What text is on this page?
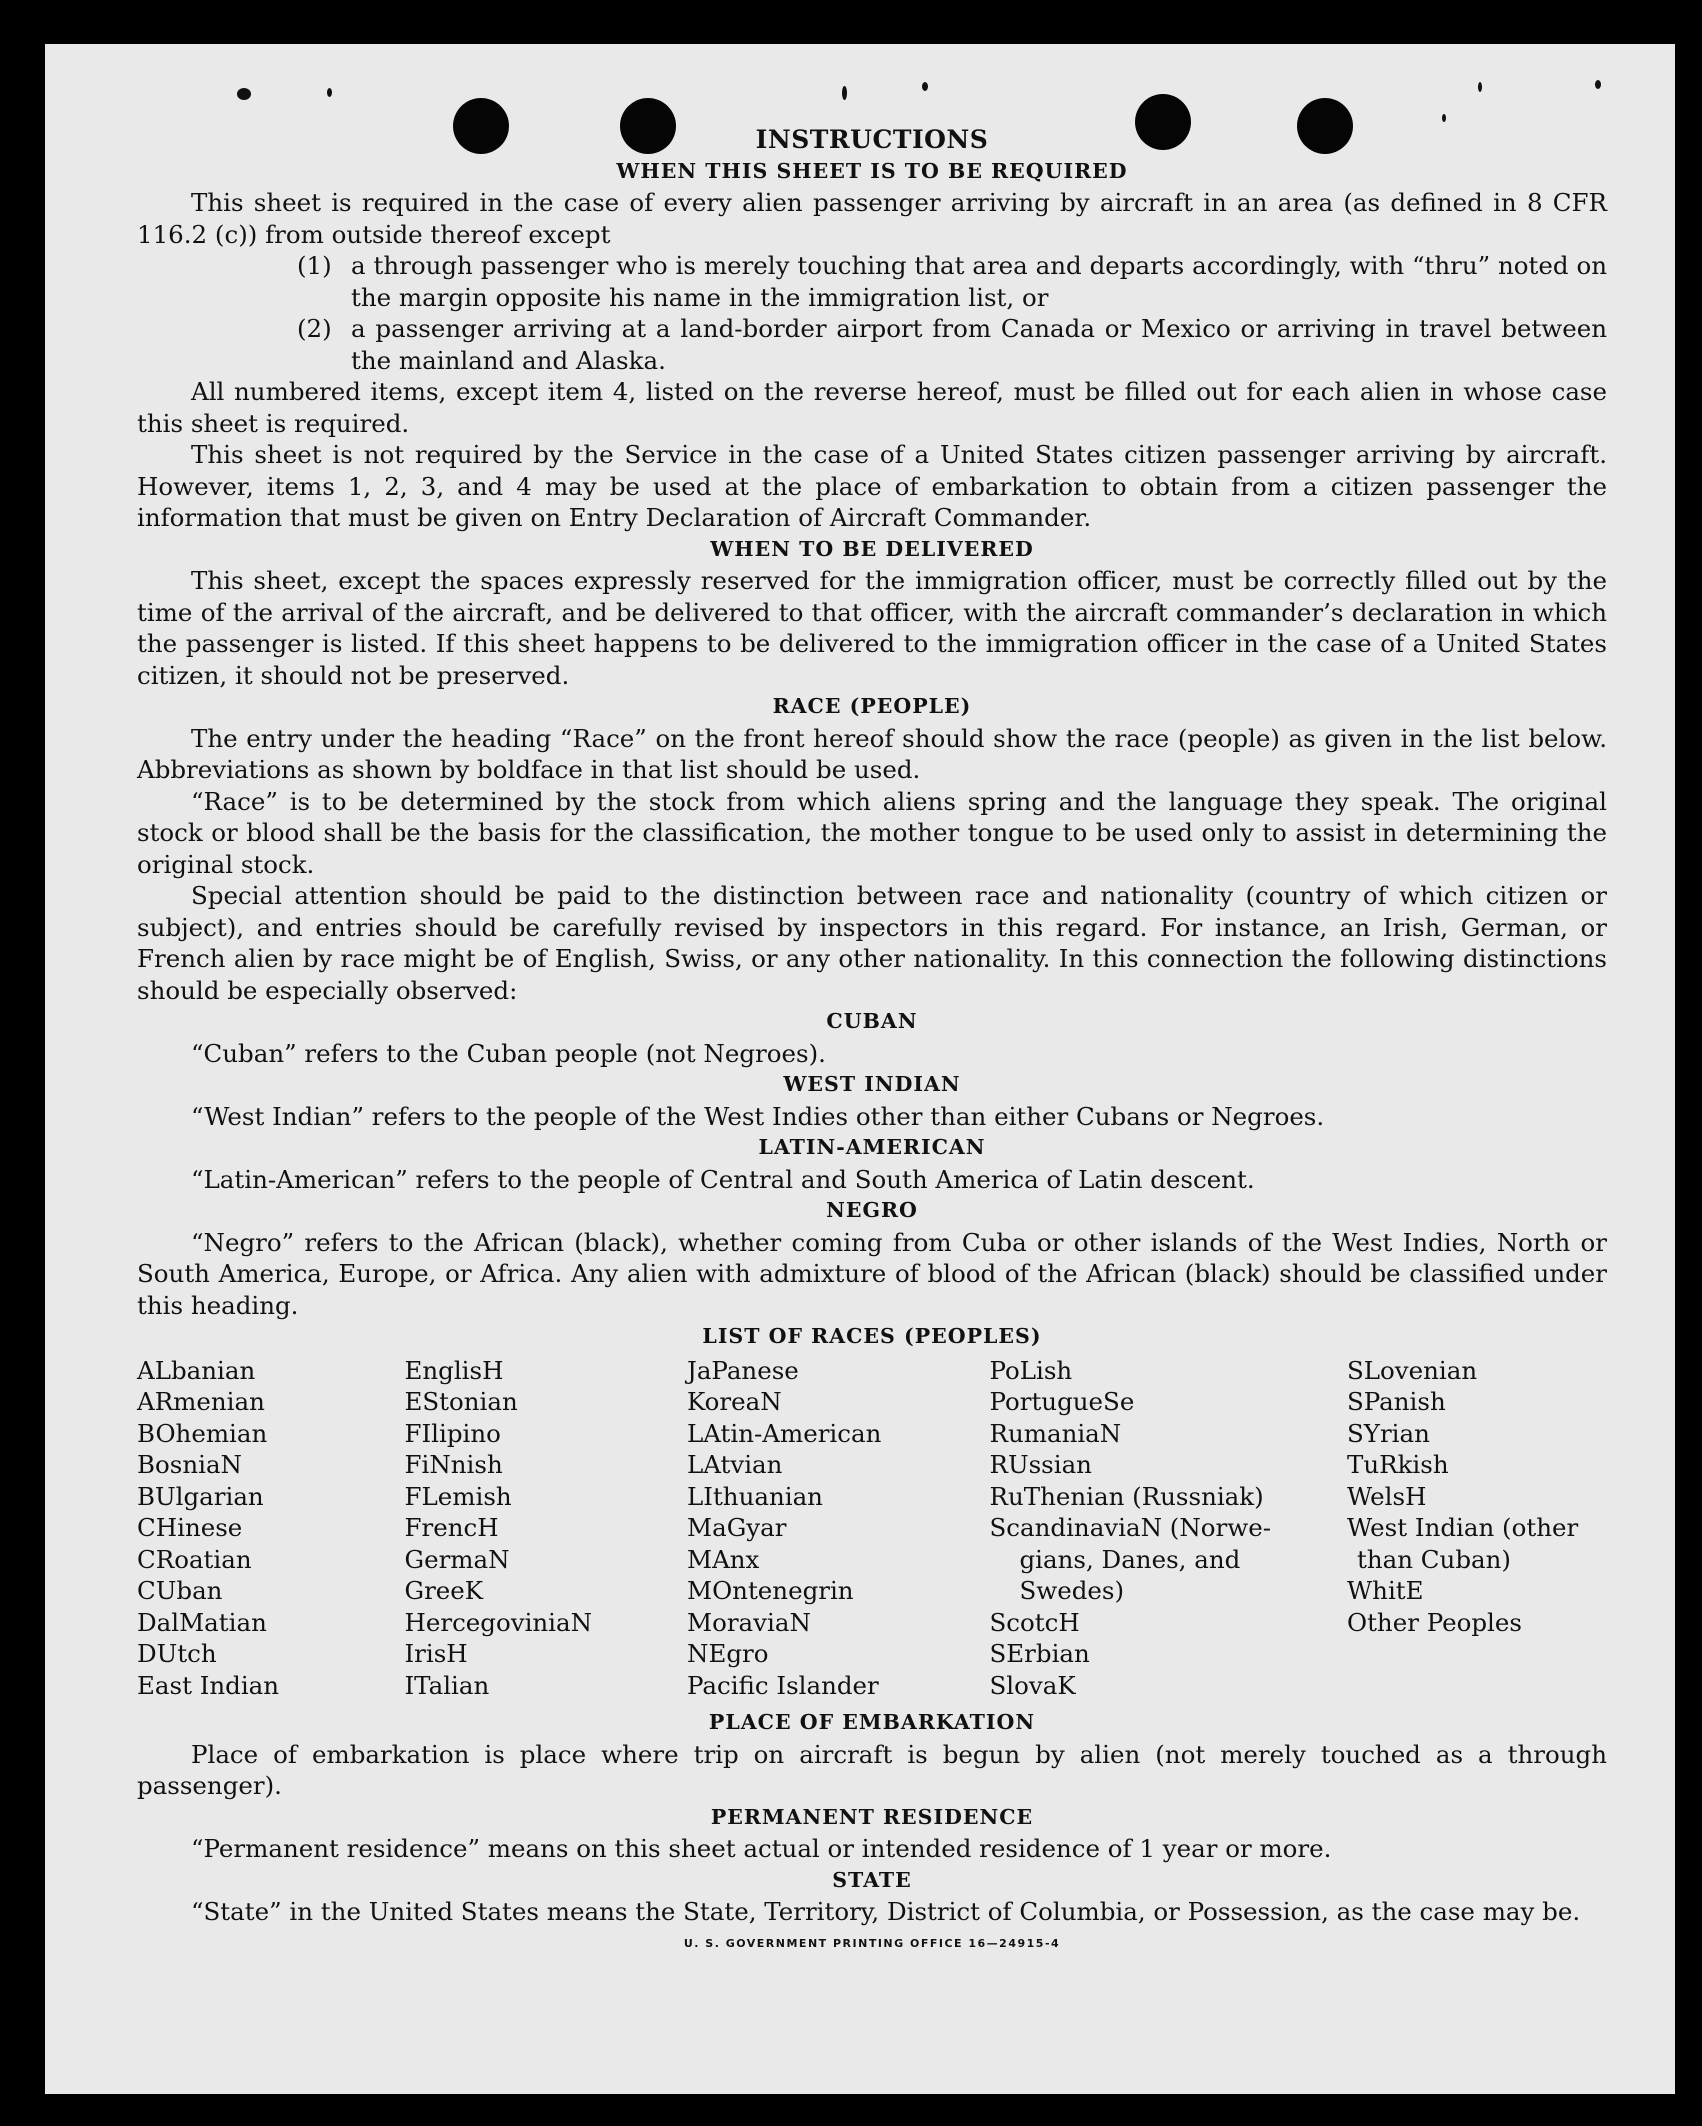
INSTRUCTIONS

WHEN THIS SHEET IS TO BE REQUIRED

This sheet is required in the case of every alien passenger arriving by aircraft in an area (as defined in 8 CFR 116.2 (c)) from outside thereof except

(1) a through passenger who is merely touching that area and departs accordingly, with “thru” noted on the margin opposite his name in the immigration list, or
(2) a passenger arriving at a land-border airport from Canada or Mexico or arriving in travel between the mainland and Alaska.

All numbered items, except item 4, listed on the reverse hereof, must be filled out for each alien in whose case this sheet is required.

This sheet is not required by the Service in the case of a United States citizen passenger arriving by aircraft. However, items 1, 2, 3, and 4 may be used at the place of embarkation to obtain from a citizen passenger the information that must be given on Entry Declaration of Aircraft Commander.

WHEN TO BE DELIVERED

This sheet, except the spaces expressly reserved for the immigration officer, must be correctly filled out by the time of the arrival of the aircraft, and be delivered to that officer, with the aircraft commander’s declaration in which the passenger is listed. If this sheet happens to be delivered to the immigration officer in the case of a United States citizen, it should not be preserved.

RACE (PEOPLE)

The entry under the heading “Race” on the front hereof should show the race (people) as given in the list below. Abbreviations as shown by boldface in that list should be used.

“Race” is to be determined by the stock from which aliens spring and the language they speak. The original stock or blood shall be the basis for the classification, the mother tongue to be used only to assist in determining the original stock.

Special attention should be paid to the distinction between race and nationality (country of which citizen or subject), and entries should be carefully revised by inspectors in this regard. For instance, an Irish, German, or French alien by race might be of English, Swiss, or any other nationality. In this connection the following distinctions should be especially observed:

CUBAN

“Cuban” refers to the Cuban people (not Negroes).

WEST INDIAN

“West Indian” refers to the people of the West Indies other than either Cubans or Negroes.

LATIN-AMERICAN

“Latin-American” refers to the people of Central and South America of Latin descent.

NEGRO

“Negro” refers to the African (black), whether coming from Cuba or other islands of the West Indies, North or South America, Europe, or Africa. Any alien with admixture of blood of the African (black) should be classified under this heading.

LIST OF RACES (PEOPLES)

ALbanian

ARmenian

BOhemian

BosniaN

BUlgarian

CHinese

CRoatian

CUban

DalMatian

DUtch

East Indian

EnglisH

EStonian

FIlipino

FiNnish

FLemish

FrencH

GermaN

GreeK

HercegoviniaN

IrisH

ITalian

JaPanese

KoreaN

LAtin-American

LAtvian

LIthuanian

MaGyar

MAnx

MOntenegrin

MoraviaN

NEgro

Pacific Islander

PoLish

PortugueSe

RumaniaN

RUssian

RuThenian (Russniak)

ScandinaviaN (Norwe-

gians, Danes, and

Swedes)

ScotcH

SErbian

SlovaK

SLovenian

SPanish

SYrian

TuRkish

WelsH

West Indian (other

than Cuban)

WhitE

Other Peoples

PLACE OF EMBARKATION

Place of embarkation is place where trip on aircraft is begun by alien (not merely touched as a through passenger).

PERMANENT RESIDENCE

“Permanent residence” means on this sheet actual or intended residence of 1 year or more.

STATE

“State” in the United States means the State, Territory, District of Columbia, or Possession, as the case may be.

U. S. GOVERNMENT PRINTING OFFICE 16—24915-4
